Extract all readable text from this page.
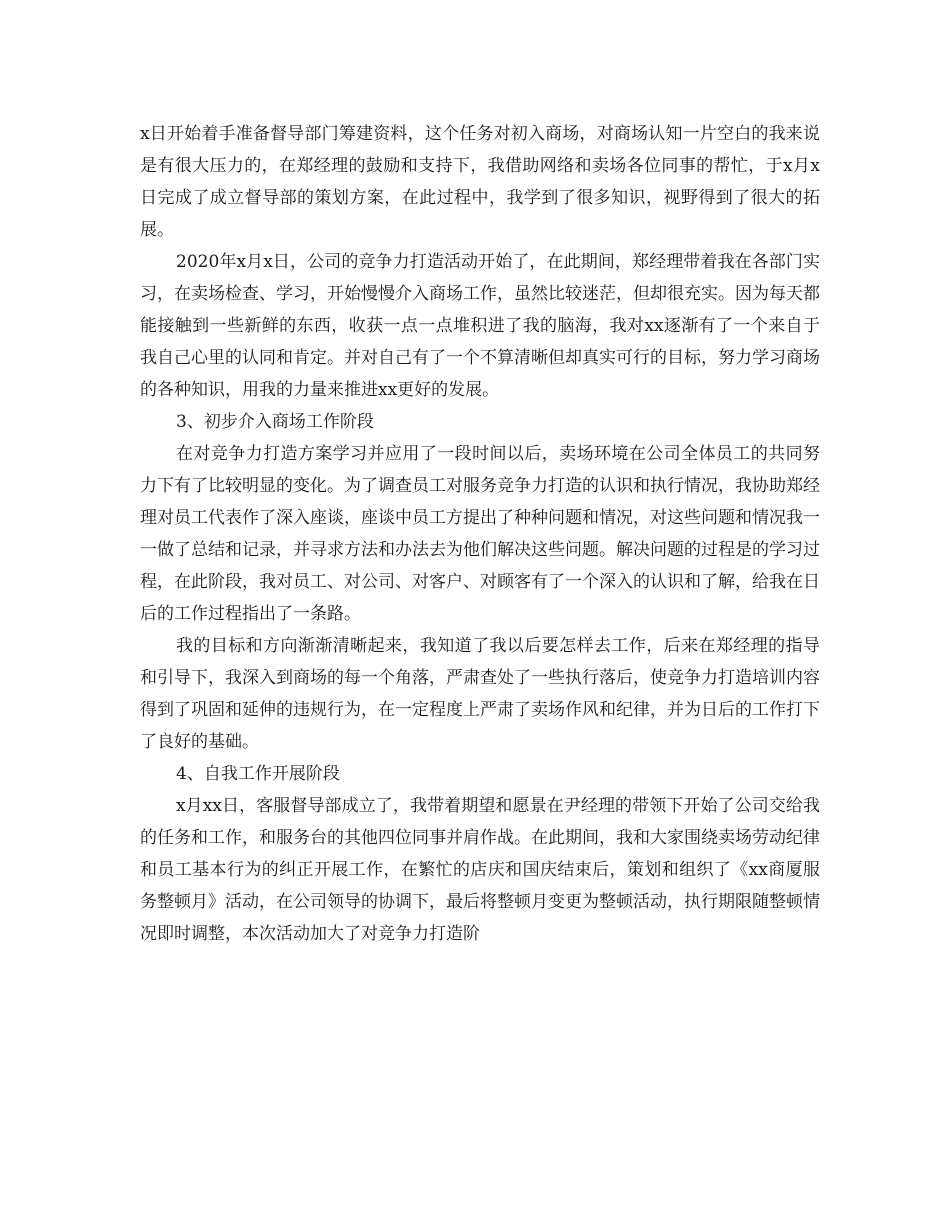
x日开始着手准备督导部门筹建资料，这个任务对初入商场，对商场认知一片空白的我来说是有很大压力的，在郑经理的鼓励和支持下，我借助网络和卖场各位同事的帮忙，于x月x日完成了成立督导部的策划方案，在此过程中，我学到了很多知识，视野得到了很大的拓展。

2020年x月x日，公司的竞争力打造活动开始了，在此期间，郑经理带着我在各部门实习，在卖场检查、学习，开始慢慢介入商场工作，虽然比较迷茫，但却很充实。因为每天都能接触到一些新鲜的东西，收获一点一点堆积进了我的脑海，我对xx逐渐有了一个来自于我自己心里的认同和肯定。并对自己有了一个不算清晰但却真实可行的目标，努力学习商场的各种知识，用我的力量来推进xx更好的发展。

3、初步介入商场工作阶段

在对竞争力打造方案学习并应用了一段时间以后，卖场环境在公司全体员工的共同努力下有了比较明显的变化。为了调查员工对服务竞争力打造的认识和执行情况，我协助郑经理对员工代表作了深入座谈，座谈中员工方提出了种种问题和情况，对这些问题和情况我一一做了总结和记录，并寻求方法和办法去为他们解决这些问题。解决问题的过程是的学习过程，在此阶段，我对员工、对公司、对客户、对顾客有了一个深入的认识和了解，给我在日后的工作过程指出了一条路。

我的目标和方向渐渐清晰起来，我知道了我以后要怎样去工作，后来在郑经理的指导和引导下，我深入到商场的每一个角落，严肃查处了一些执行落后，使竞争力打造培训内容得到了巩固和延伸的违规行为，在一定程度上严肃了卖场作风和纪律，并为日后的工作打下了良好的基础。

4、自我工作开展阶段

x月xx日，客服督导部成立了，我带着期望和愿景在尹经理的带领下开始了公司交给我的任务和工作，和服务台的其他四位同事并肩作战。在此期间，我和大家围绕卖场劳动纪律和员工基本行为的纠正开展工作，在繁忙的店庆和国庆结束后，策划和组织了《xx商厦服务整顿月》活动，在公司领导的协调下，最后将整顿月变更为整顿活动，执行期限随整顿情况即时调整，本次活动加大了对竞争力打造阶
